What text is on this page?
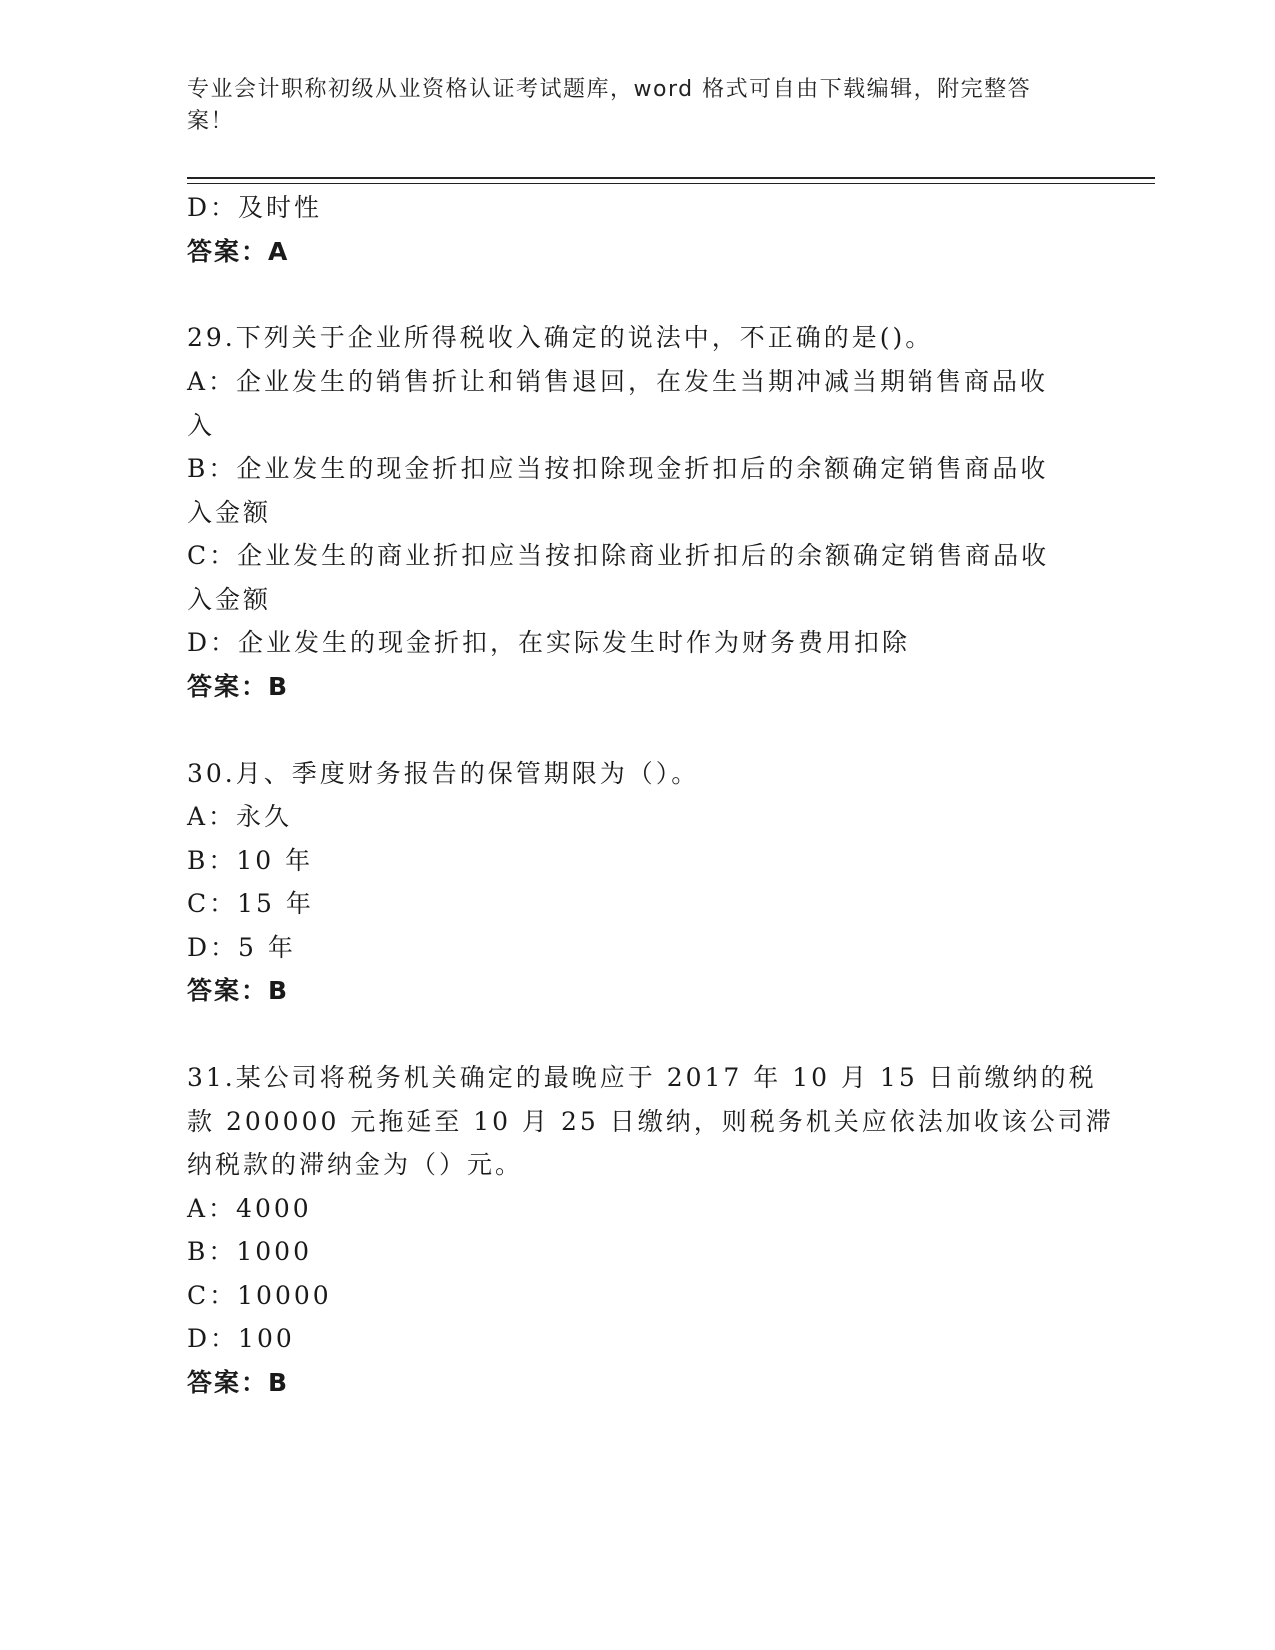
专业会计职称初级从业资格认证考试题库，word 格式可自由下载编辑，附完整答案！
D：及时性
答案：A
29.下列关于企业所得税收入确定的说法中，不正确的是()。
A：企业发生的销售折让和销售退回，在发生当期冲减当期销售商品收
入
B：企业发生的现金折扣应当按扣除现金折扣后的余额确定销售商品收
入金额
C：企业发生的商业折扣应当按扣除商业折扣后的余额确定销售商品收
入金额
D：企业发生的现金折扣，在实际发生时作为财务费用扣除
答案：B
30.月、季度财务报告的保管期限为（）。
A：永久
B：10 年
C：15 年
D：5 年
答案：B
31.某公司将税务机关确定的最晚应于 2017 年 10 月 15 日前缴纳的税
款 200000 元拖延至 10 月 25 日缴纳，则税务机关应依法加收该公司滞
纳税款的滞纳金为（）元。
A：4000
B：1000
C：10000
D：100
答案：B
